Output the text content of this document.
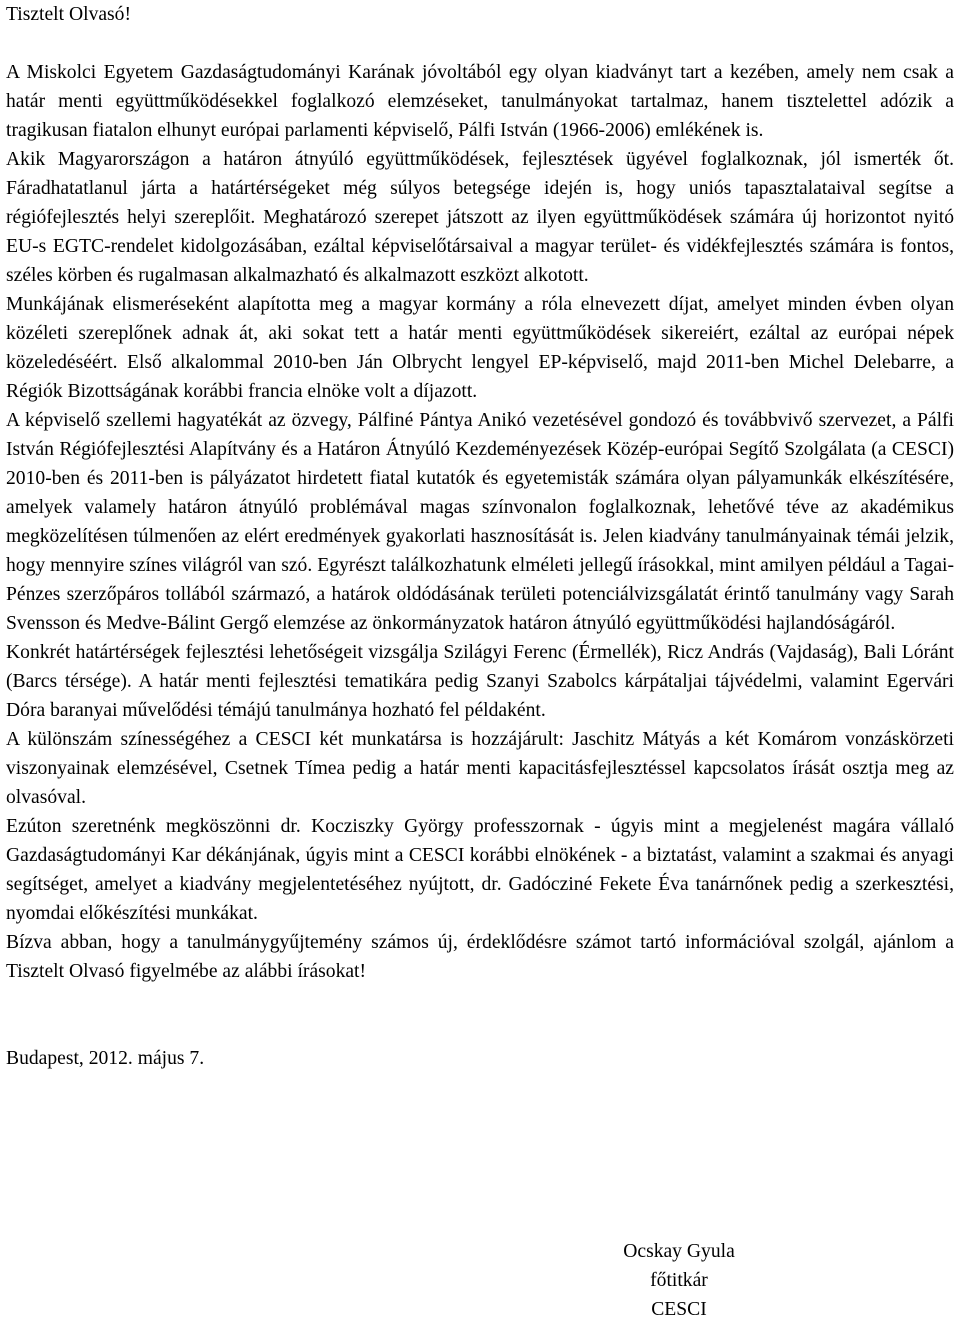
Tisztelt Olvasó!

A Miskolci Egyetem Gazdaságtudományi Karának jóvoltából egy olyan kiadványt tart a kezében, amely nem csak a határ menti együttműködésekkel foglalkozó elemzéseket, tanulmányokat tartalmaz, hanem tisztelettel adózik a tragikusan fiatalon elhunyt európai parlamenti képviselő, Pálfi István (1966-2006) emlékének is.

Akik Magyarországon a határon átnyúló együttműködések, fejlesztések ügyével foglalkoznak, jól ismerték őt. Fáradhatatlanul járta a határtérségeket még súlyos betegsége idején is, hogy uniós tapasztalataival segítse a régiófejlesztés helyi szereplőit. Meghatározó szerepet játszott az ilyen együttműködések számára új horizontot nyitó EU-s EGTC-rendelet kidolgozásában, ezáltal képviselőtársaival a magyar terület- és vidékfejlesztés számára is fontos, széles körben és rugalmasan alkalmazható és alkalmazott eszközt alkotott.

Munkájának elismeréseként alapította meg a magyar kormány a róla elnevezett díjat, amelyet minden évben olyan közéleti szereplőnek adnak át, aki sokat tett a határ menti együttműködések sikereiért, ezáltal az európai népek közeledéséért. Első alkalommal 2010-ben Ján Olbrycht lengyel EP-képviselő, majd 2011-ben Michel Delebarre, a Régiók Bizottságának korábbi francia elnöke volt a díjazott.

A képviselő szellemi hagyatékát az özvegy, Pálfiné Pántya Anikó vezetésével gondozó és továbbvivő szervezet, a Pálfi István Régiófejlesztési Alapítvány és a Határon Átnyúló Kezdeményezések Közép-európai Segítő Szolgálata (a CESCI) 2010-ben és 2011-ben is pályázatot hirdetett fiatal kutatók és egyetemisták számára olyan pályamunkák elkészítésére, amelyek valamely határon átnyúló problémával magas színvonalon foglalkoznak, lehetővé téve az akadémikus megközelítésen túlmenően az elért eredmények gyakorlati hasznosítását is. Jelen kiadvány tanulmányainak témái jelzik, hogy mennyire színes világról van szó. Egyrészt találkozhatunk elméleti jellegű írásokkal, mint amilyen például a Tagai-Pénzes szerzőpáros tollából származó, a határok oldódásának területi potenciálvizsgálatát érintő tanulmány vagy Sarah Svensson és Medve-Bálint Gergő elemzése az önkormányzatok határon átnyúló együttműködési hajlandóságáról.

Konkrét határtérségek fejlesztési lehetőségeit vizsgálja Szilágyi Ferenc (Érmellék), Ricz András (Vajdaság), Bali Lóránt (Barcs térsége). A határ menti fejlesztési tematikára pedig Szanyi Szabolcs kárpátaljai tájvédelmi, valamint Egervári Dóra baranyai művelődési témájú tanulmánya hozható fel példaként.

A különszám színességéhez a CESCI két munkatársa is hozzájárult: Jaschitz Mátyás a két Komárom vonzáskörzeti viszonyainak elemzésével, Csetnek Tímea pedig a határ menti kapacitásfejlesztéssel kapcsolatos írását osztja meg az olvasóval.

Ezúton szeretnénk megköszönni dr. Kocziszky György professzornak - úgyis mint a megjelenést magára vállaló Gazdaságtudományi Kar dékánjának, úgyis mint a CESCI korábbi elnökének - a biztatást, valamint a szakmai és anyagi segítséget, amelyet a kiadvány megjelentetéséhez nyújtott, dr. Gadócziné Fekete Éva tanárnőnek pedig a szerkesztési, nyomdai előkészítési munkákat.

Bízva abban, hogy a tanulmánygyűjtemény számos új, érdeklődésre számot tartó információval szolgál, ajánlom a Tisztelt Olvasó figyelmébe az alábbi írásokat!

Budapest, 2012. május 7.

Ocskay Gyula
főtitkár
CESCI
